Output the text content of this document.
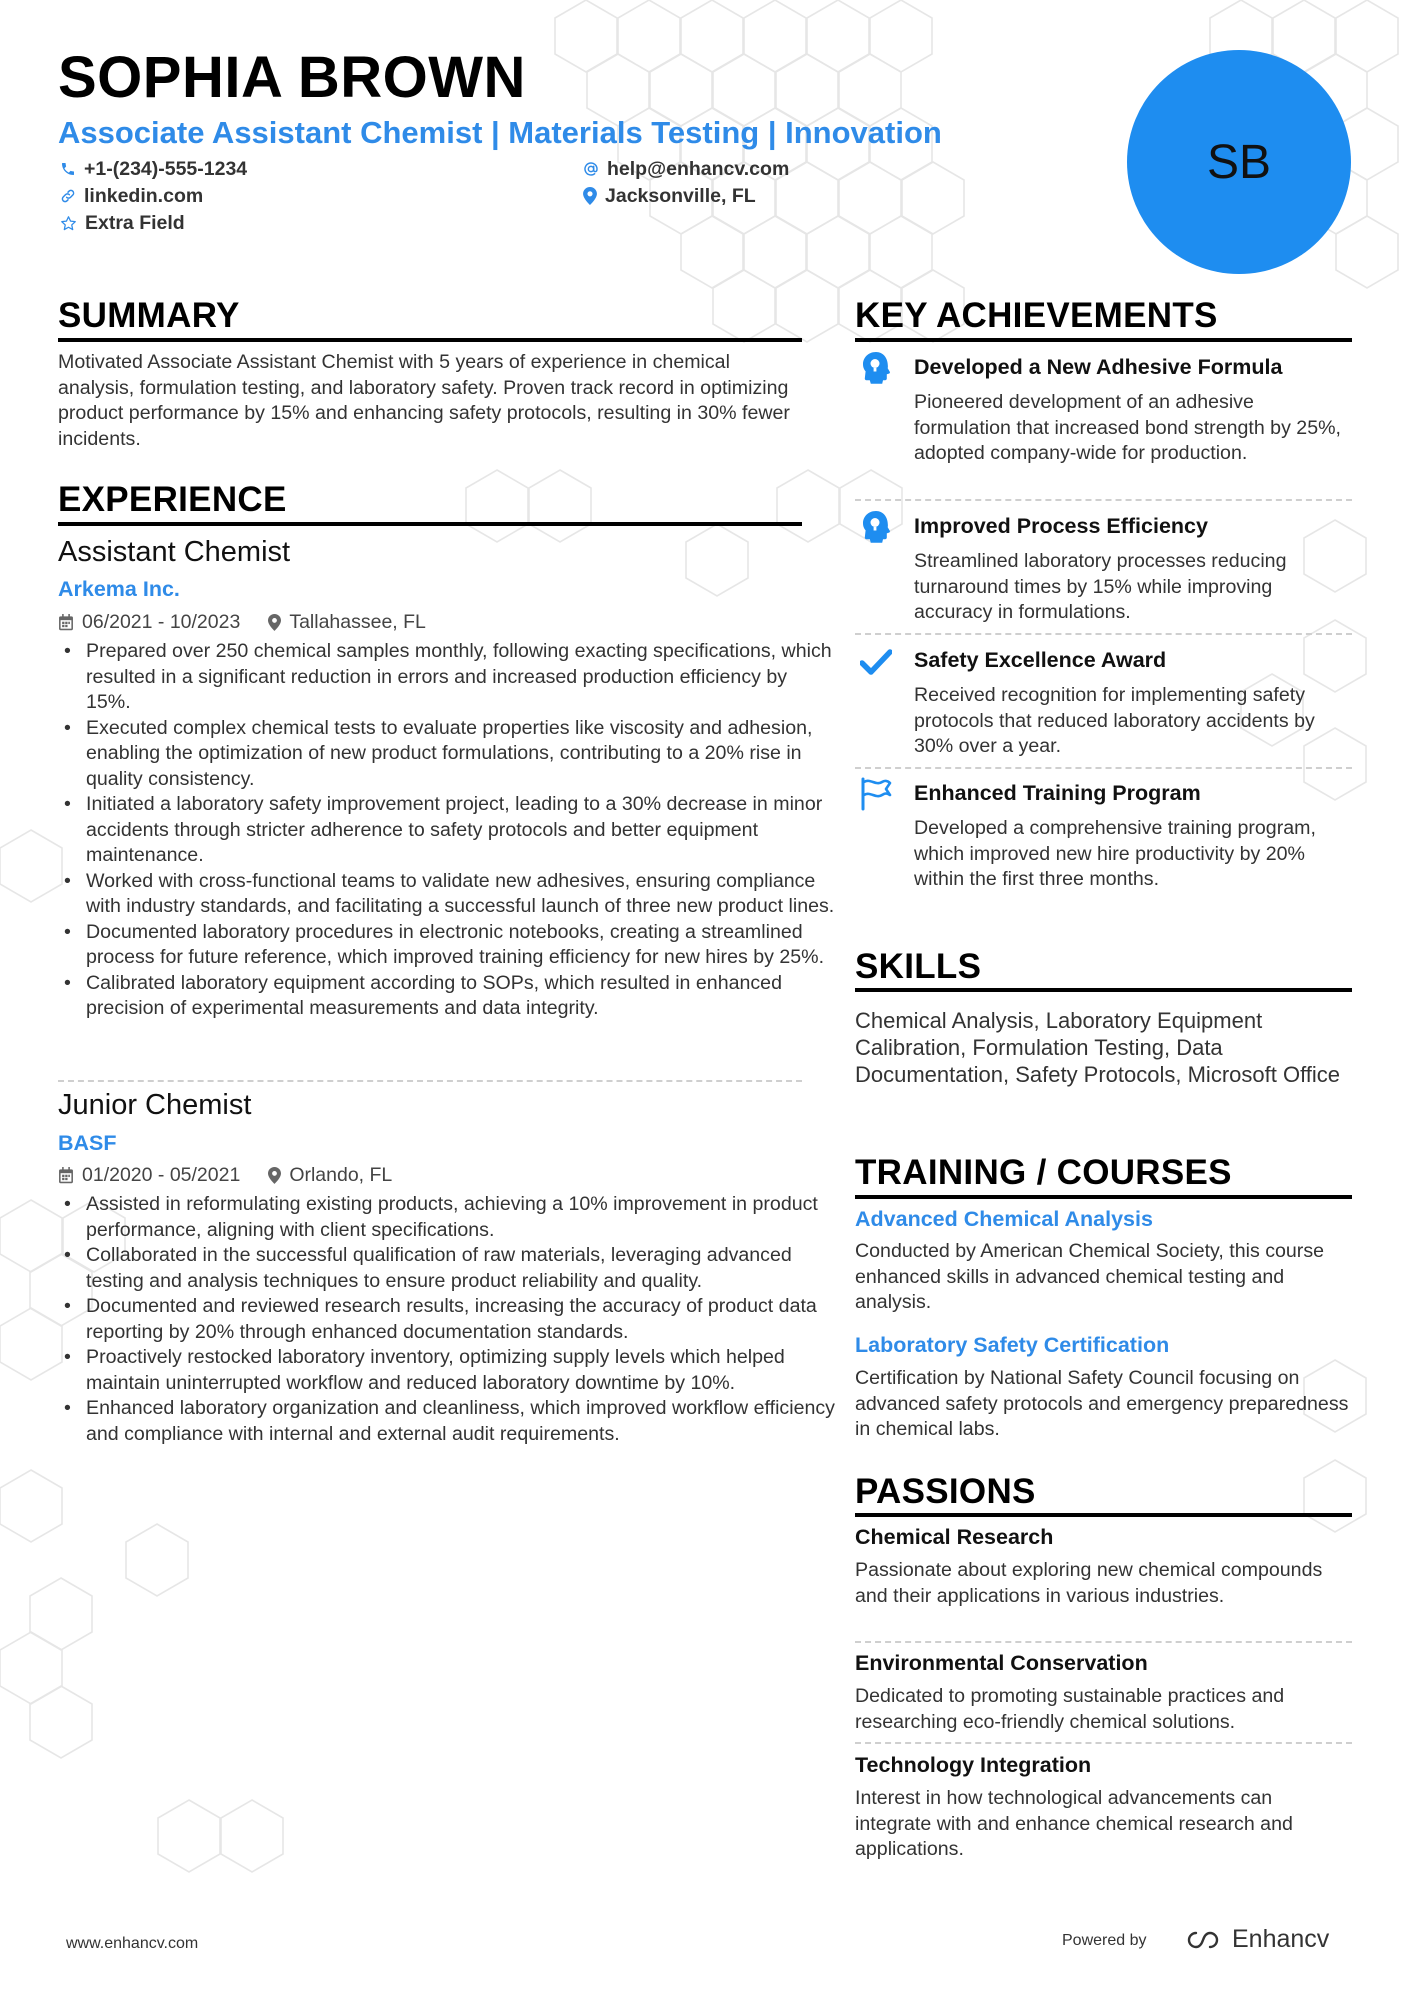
SOPHIA BROWN
Associate Assistant Chemist | Materials Testing | Innovation
+1-(234)-555-1234	help@enhancv.com
linkedin.com	Jacksonville, FL
Extra Field
SB
SUMMARY

Motivated Associate Assistant Chemist with 5 years of experience in chemical analysis, formulation testing, and laboratory safety. Proven track record in optimizing product performance by 15% and enhancing safety protocols, resulting in 30% fewer incidents.

EXPERIENCE
Assistant Chemist
Arkema Inc.
06/2021 - 10/2023	Tallahassee, FL
• Prepared over 250 chemical samples monthly, following exacting specifications, which resulted in a significant reduction in errors and increased production efficiency by 15%.
• Executed complex chemical tests to evaluate properties like viscosity and adhesion, enabling the optimization of new product formulations, contributing to a 20% rise in quality consistency.
• Initiated a laboratory safety improvement project, leading to a 30% decrease in minor accidents through stricter adherence to safety protocols and better equipment maintenance.
• Worked with cross-functional teams to validate new adhesives, ensuring compliance with industry standards, and facilitating a successful launch of three new product lines.
• Documented laboratory procedures in electronic notebooks, creating a streamlined process for future reference, which improved training efficiency for new hires by 25%.
• Calibrated laboratory equipment according to SOPs, which resulted in enhanced precision of experimental measurements and data integrity.
Junior Chemist
BASF
01/2020 - 05/2021	Orlando, FL
• Assisted in reformulating existing products, achieving a 10% improvement in product performance, aligning with client specifications.
• Collaborated in the successful qualification of raw materials, leveraging advanced testing and analysis techniques to ensure product reliability and quality.
• Documented and reviewed research results, increasing the accuracy of product data reporting by 20% through enhanced documentation standards.
• Proactively restocked laboratory inventory, optimizing supply levels which helped maintain uninterrupted workflow and reduced laboratory downtime by 10%.
• Enhanced laboratory organization and cleanliness, which improved workflow efficiency and compliance with internal and external audit requirements.
KEY ACHIEVEMENTS
Developed a New Adhesive Formula

Pioneered development of an adhesive formulation that increased bond strength by 25%, adopted company-wide for production.

Improved Process Efficiency

Streamlined laboratory processes reducing turnaround times by 15% while improving accuracy in formulations.

Safety Excellence Award

Received recognition for implementing safety protocols that reduced laboratory accidents by 30% over a year.

Enhanced Training Program

Developed a comprehensive training program, which improved new hire productivity by 20% within the first three months.

SKILLS

Chemical Analysis, Laboratory Equipment Calibration, Formulation Testing, Data Documentation, Safety Protocols, Microsoft Office

TRAINING / COURSES
Advanced Chemical Analysis

Conducted by American Chemical Society, this course enhanced skills in advanced chemical testing and analysis.

Laboratory Safety Certification

Certification by National Safety Council focusing on advanced safety protocols and emergency preparedness in chemical labs.

PASSIONS
Chemical Research

Passionate about exploring new chemical compounds and their applications in various industries.

Environmental Conservation

Dedicated to promoting sustainable practices and researching eco-friendly chemical solutions.

Technology Integration

Interest in how technological advancements can integrate with and enhance chemical research and applications.

www.enhancv.com	Powered by	Enhancv
